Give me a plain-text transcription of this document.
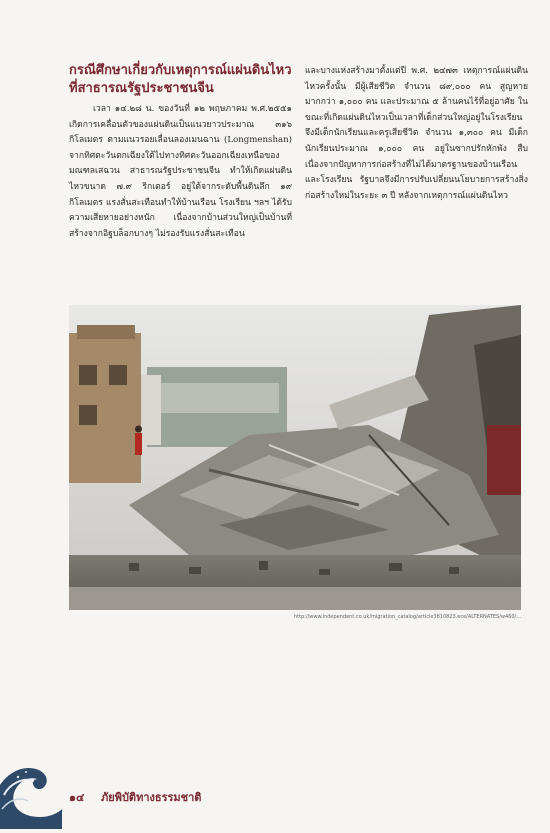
กรณีศึกษาเกี่ยวกับเหตุการณ์แผ่นดินไหว
ที่สาธารณรัฐประชาชนจีน

เวลา ๑๔.๒๘ น. ของวันที่ ๑๒ พฤษภาคม พ.ศ.๒๕๕๑ เกิดการเคลื่อนตัวของแผ่นดินเป็นแนวยาวประมาณ ๓๑๖ กิโลเมตร ตามแนวรอยเลื่อนลองเมนฉาน (Longmenshan) จากทิศตะวันตกเฉียงใต้ไปทางทิศตะวันออกเฉียงเหนือของมณฑลเสฉวน สาธารณรัฐประชาชนจีน ทำให้เกิดแผ่นดินไหวขนาด ๗.๙ ริกเตอร์ อยู่ใต้จากระดับพื้นดินลึก ๑๙ กิโลเมตร แรงสั่นสะเทือนทำให้บ้านเรือน โรงเรียน ฯลฯ ได้รับความเสียหายอย่างหนัก เนื่องจากบ้านส่วนใหญ่เป็นบ้านที่สร้างจากอิฐบล็อกบางๆ ไม่รองรับแรงสั่นสะเทือน

และบางแห่งสร้างมาตั้งแต่ปี พ.ศ. ๒๔๗๓ เหตุการณ์แผ่นดินไหวครั้งนั้น มีผู้เสียชีวิต จำนวน ๘๙,๐๐๐ คน สูญหายมากกว่า ๑,๐๐๐ คน และประมาณ ๕ ล้านคนไร้ที่อยู่อาศัย ในขณะที่เกิดแผ่นดินไหวเป็นเวลาที่เด็กส่วนใหญ่อยู่ในโรงเรียน จึงมีเด็กนักเรียนและครูเสียชีวิต จำนวน ๑,๓๐๐ คน มีเด็กนักเรียนประมาณ ๑,๐๐๐ คน อยู่ในซากปรักหักพัง สืบเนื่องจากปัญหาการก่อสร้างที่ไม่ได้มาตรฐานของบ้านเรือนและโรงเรียน รัฐบาลจึงมีการปรับเปลี่ยนนโยบายการสร้างสิ่งก่อสร้างใหม่ในระยะ ๓ ปี หลังจากเหตุการณ์แผ่นดินไหว

http://www.independent.co.uk/migration_catalog/article3810823.ece/ALTERNATES/w460/...
๑๔ ภัยพิบัติทางธรรมชาติ
